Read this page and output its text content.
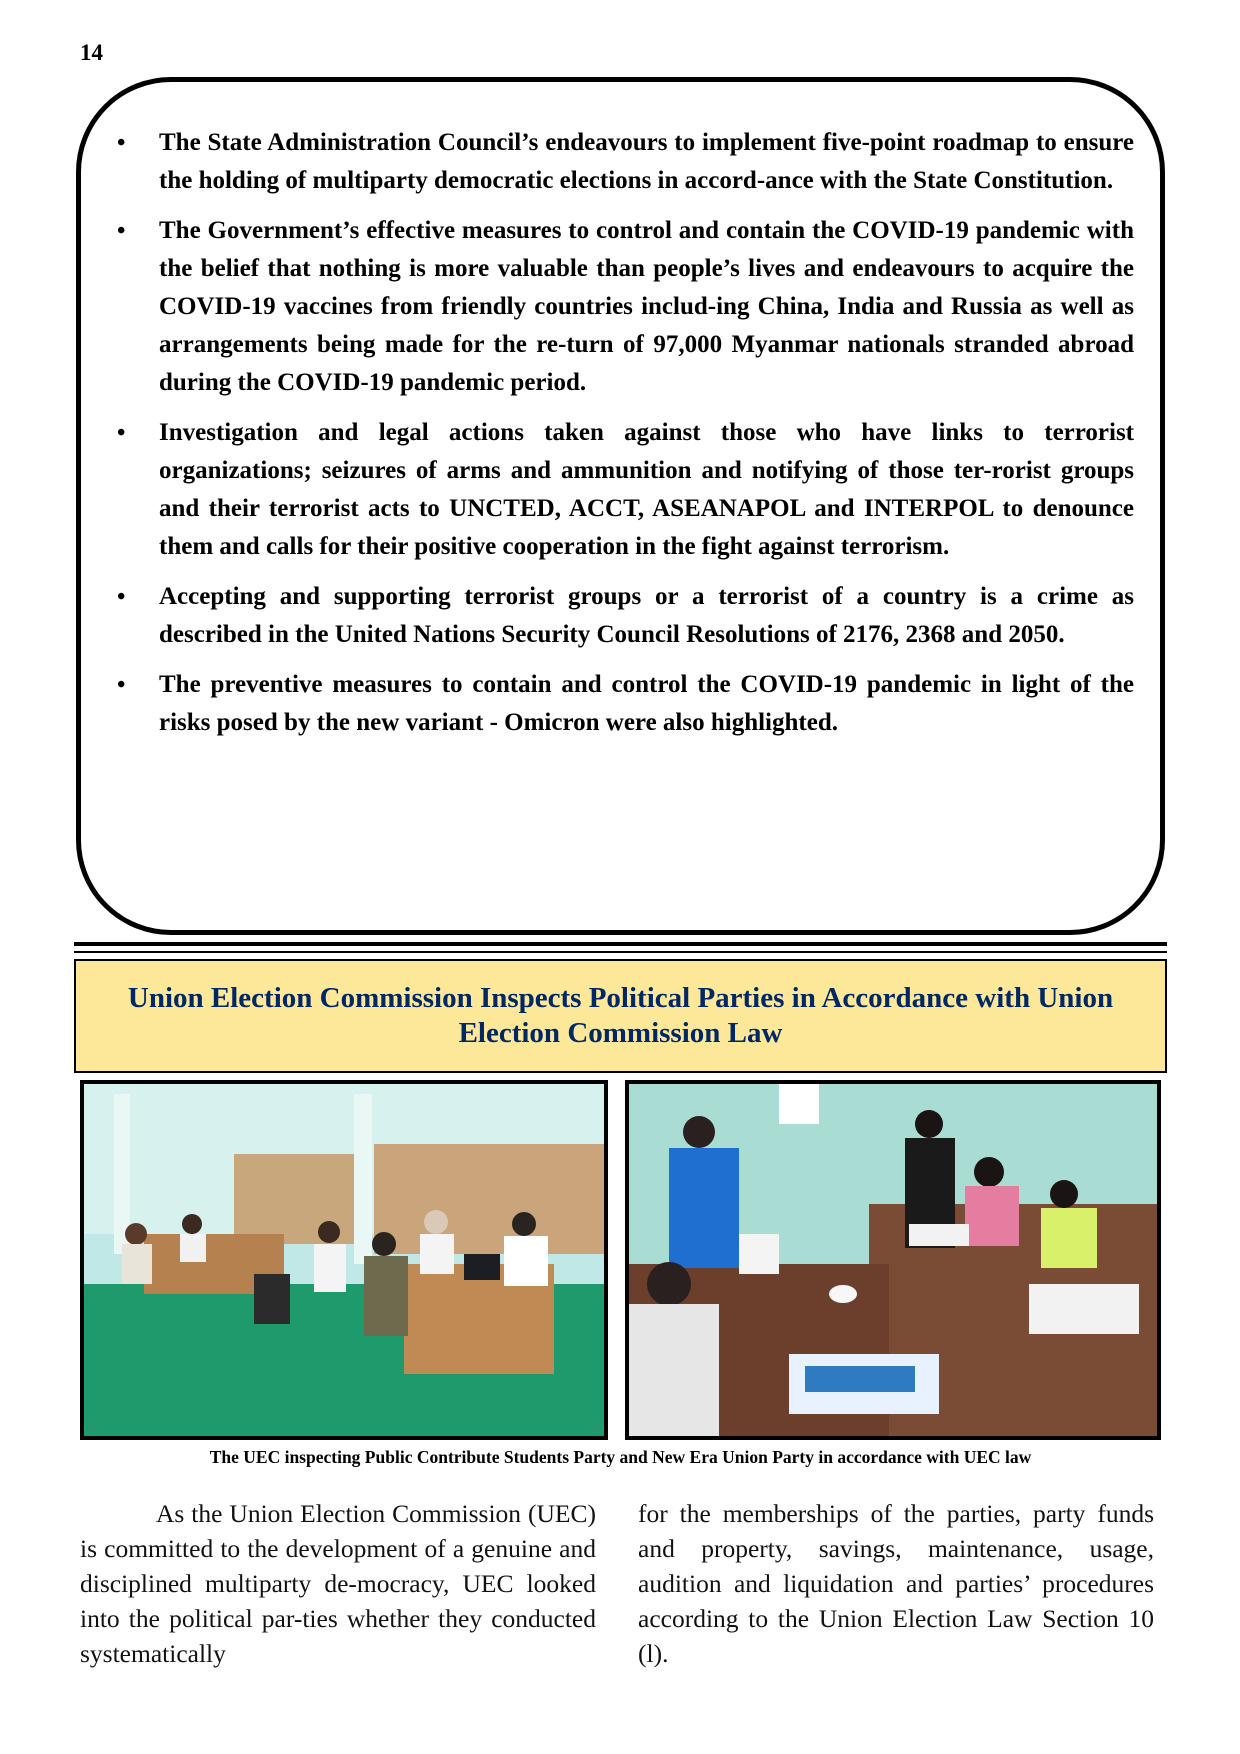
14
• The State Administration Council’s endeavours to implement five-point roadmap to ensure the holding of multiparty democratic elections in accord-ance with the State Constitution.
• The Government’s effective measures to control and contain the COVID-19 pandemic with the belief that nothing is more valuable than people’s lives and endeavours to acquire the COVID-19 vaccines from friendly countries includ-ing China, India and Russia as well as arrangements being made for the re-turn of 97,000 Myanmar nationals stranded abroad during the COVID-19 pandemic period.
• Investigation and legal actions taken against those who have links to terrorist organizations; seizures of arms and ammunition and notifying of those ter-rorist groups and their terrorist acts to UNCTED, ACCT, ASEANAPOL and INTERPOL to denounce them and calls for their positive cooperation in the fight against terrorism.
• Accepting and supporting terrorist groups or a terrorist of a country is a crime as described in the United Nations Security Council Resolutions of 2176, 2368 and 2050.
• The preventive measures to contain and control the COVID-19 pandemic in light of the risks posed by the new variant - Omicron were also highlighted.
Union Election Commission Inspects Political Parties in Accordance with Union Election Commission Law
The UEC inspecting Public Contribute Students Party and New Era Union Party in accordance with UEC law
As the Union Election Commission (UEC) is committed to the development of a genuine and disciplined multiparty de-mocracy, UEC looked into the political par-ties whether they conducted systematically
for the memberships of the parties, party funds and property, savings, maintenance, usage, audition and liquidation and parties’ procedures according to the Union Election Law Section 10 (l).
